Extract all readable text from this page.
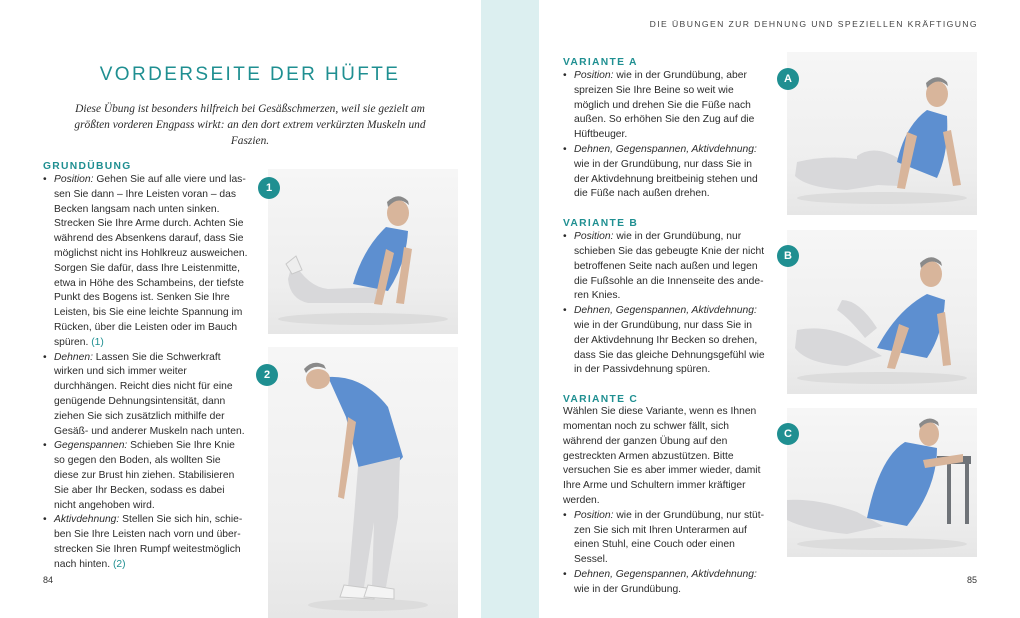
DIE ÜBUNGEN ZUR DEHNUNG UND SPEZIELLEN KRÄFTIGUNG
VORDERSEITE DER HÜFTE
Diese Übung ist besonders hilfreich bei Gesäßschmerzen, weil sie gezielt am größten vorderen Engpass wirkt: an den dort extrem verkürzten Muskeln und Faszien.
GRUNDÜBUNG
• Position: Gehen Sie auf alle viere und lassen Sie dann – Ihre Leisten voran – das Becken langsam nach unten sinken. Strecken Sie Ihre Arme durch. Achten Sie während des Absenkens darauf, dass Sie möglichst nicht ins Hohlkreuz ausweichen. Sorgen Sie dafür, dass Ihre Leistenmitte, etwa in Höhe des Schambeins, der tiefste Punkt des Bogens ist. Senken Sie Ihre Leisten, bis Sie eine leichte Spannung im Rücken, über die Leisten oder im Bauch spüren. (1)
• Dehnen: Lassen Sie die Schwerkraft wirken und sich immer weiter durchhängen. Reicht dies nicht für eine genügende Dehnungsintensität, dann ziehen Sie sich zusätzlich mithilfe der Gesäß- und anderer Muskeln nach unten.
• Gegenspannen: Schieben Sie Ihre Knie so gegen den Boden, als wollten Sie diese zur Brust hin ziehen. Stabilisieren Sie aber Ihr Becken, sodass es dabei nicht angehoben wird.
• Aktivdehnung: Stellen Sie sich hin, schieben Sie Ihre Leisten nach vorn und überstrecken Sie Ihren Rumpf weitestmöglich nach hinten. (2)
1
2
84
VARIANTE A
• Position: wie in der Grundübung, aber spreizen Sie Ihre Beine so weit wie möglich und drehen Sie die Füße nach außen. So erhöhen Sie den Zug auf die Hüftbeuger.
• Dehnen, Gegenspannen, Aktivdehnung: wie in der Grundübung, nur dass Sie in der Aktivdehnung breitbeinig stehen und die Füße nach außen drehen.
VARIANTE B
• Position: wie in der Grundübung, nur schieben Sie das gebeugte Knie der nicht betroffenen Seite nach außen und legen die Fußsohle an die Innenseite des anderen Knies.
• Dehnen, Gegenspannen, Aktivdehnung: wie in der Grundübung, nur dass Sie in der Aktivdehnung Ihr Becken so drehen, dass Sie das gleiche Dehnungsgefühl wie in der Passivdehnung spüren.
VARIANTE C
Wählen Sie diese Variante, wenn es Ihnen momentan noch zu schwer fällt, sich während der ganzen Übung auf den gestreckten Armen abzustützen. Bitte versuchen Sie es aber immer wieder, damit Ihre Arme und Schultern immer kräftiger werden.
• Position: wie in der Grundübung, nur stützen Sie sich mit Ihren Unterarmen auf einen Stuhl, eine Couch oder einen Sessel.
• Dehnen, Gegenspannen, Aktivdehnung: wie in der Grundübung.
A
B
C
85
